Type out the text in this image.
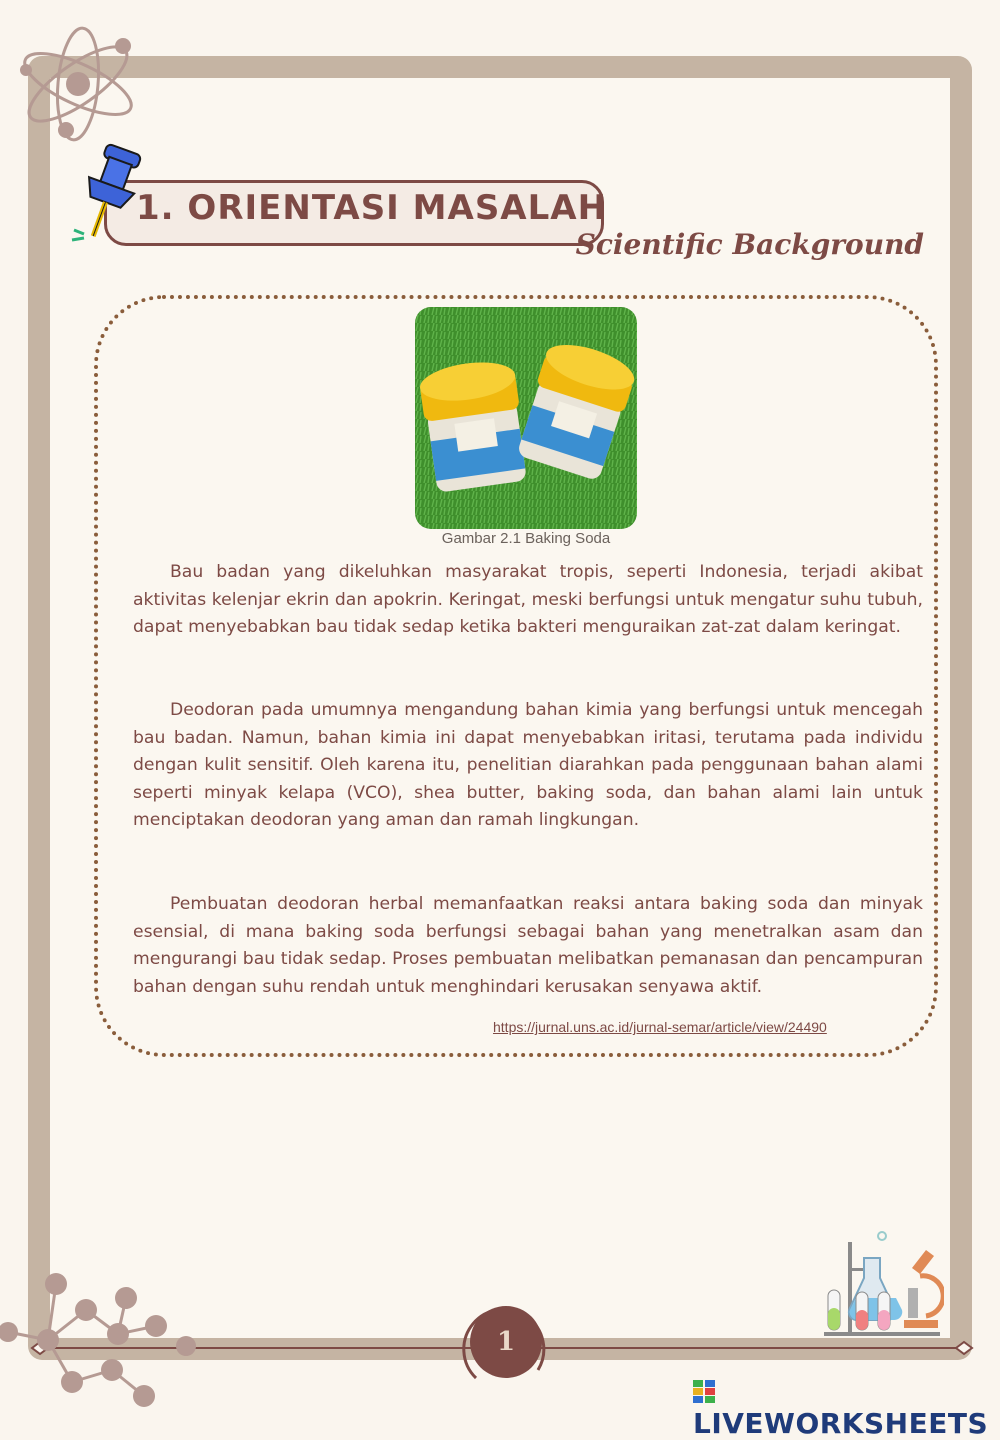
1. ORIENTASI MASALAH
Scientific Background
Gambar 2.1 Baking Soda

Bau badan yang dikeluhkan masyarakat tropis, seperti Indonesia, terjadi akibat aktivitas kelenjar ekrin dan apokrin. Keringat, meski berfungsi untuk mengatur suhu tubuh, dapat menyebabkan bau tidak sedap ketika bakteri menguraikan zat-zat dalam keringat.

Deodoran pada umumnya mengandung bahan kimia yang berfungsi untuk mencegah bau badan. Namun, bahan kimia ini dapat menyebabkan iritasi, terutama pada individu dengan kulit sensitif. Oleh karena itu, penelitian diarahkan pada penggunaan bahan alami seperti minyak kelapa (VCO), shea butter, baking soda, dan bahan alami lain untuk menciptakan deodoran yang aman dan ramah lingkungan.

Pembuatan deodoran herbal memanfaatkan reaksi antara baking soda dan minyak esensial, di mana baking soda berfungsi sebagai bahan yang menetralkan asam dan mengurangi bau tidak sedap. Proses pembuatan melibatkan pemanasan dan pencampuran bahan dengan suhu rendah untuk menghindari kerusakan senyawa aktif.

https://jurnal.uns.ac.id/jurnal-semar/article/view/24490
1
LIVEWORKSHEETS
